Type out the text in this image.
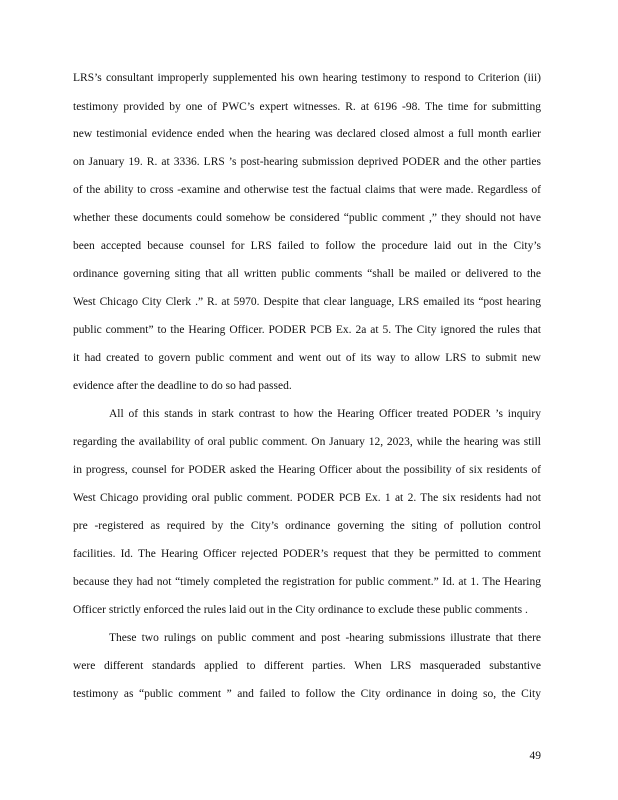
LRS’s consultant improperly supplemented his own hearing testimony to respond to Criterion (iii)
testimony provided by one of PWC’s expert witnesses. R. at 6196 -98. The time for submitting
new testimonial evidence ended when the hearing was declared closed almost a full month earlier
on January 19. R. at 3336. LRS ’s post-hearing submission deprived PODER and the other parties
of the ability to cross -examine and otherwise test the factual claims that were made. Regardless of
whether these documents could somehow be considered “public comment ,” they should not have
been accepted because counsel for LRS failed to follow the procedure laid out in the City’s
ordinance governing siting that all written public comments “shall be mailed or delivered to the
West Chicago City Clerk .” R. at 5970. Despite that clear language, LRS emailed its “post hearing
public comment” to the Hearing Officer. PODER PCB Ex. 2a at 5. The City ignored the rules that
it had created to govern public comment and went out of its way to allow LRS to submit new
evidence after the deadline to do so had passed.
All of this stands in stark contrast to how the Hearing Officer treated PODER ’s inquiry
regarding the availability of oral public comment. On January 12, 2023, while the hearing was still
in progress, counsel for PODER asked the Hearing Officer about the possibility of six residents of
West Chicago providing oral public comment. PODER PCB Ex. 1 at 2. The six residents had not
pre -registered as required by the City’s ordinance governing the siting of pollution control
facilities. Id. The Hearing Officer rejected PODER’s request that they be permitted to comment
because they had not “timely completed the registration for public comment.” Id. at 1. The Hearing
Officer strictly enforced the rules laid out in the City ordinance to exclude these public comments .
These two rulings on public comment and post -hearing submissions illustrate that there
were different standards applied to different parties. When LRS masqueraded substantive
testimony as “public comment ” and failed to follow the City ordinance in doing so, the City
49
